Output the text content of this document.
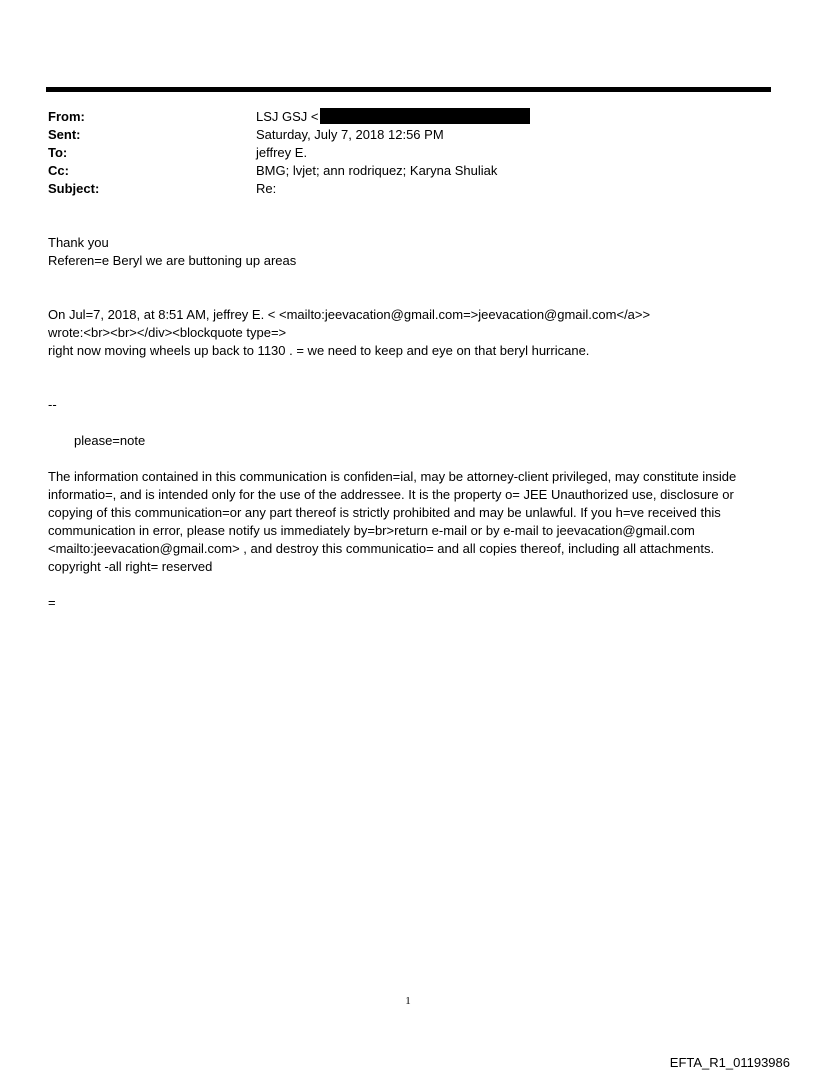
From:	LSJ GSJ <
Sent:	Saturday, July 7, 2018 12:56 PM
To:	jeffrey E.
Cc:	BMG; lvjet; ann rodriquez; Karyna Shuliak
Subject:	Re:
Thank you
Referen=e Beryl we are buttoning up areas
On Jul=7, 2018, at 8:51 AM, jeffrey E. < <mailto:jeevacation@gmail.com=>jeevacation@gmail.com</a>>
wrote:<br><br></div><blockquote type=>
right now moving wheels up back to 1130 . = we need to keep and eye on that beryl hurricane.
--
please=note
The information contained in this communication is confiden=ial, may be attorney-client privileged, may constitute inside informatio=, and is intended only for the use of the addressee. It is the property o= JEE Unauthorized use, disclosure or copying of this communication=or any part thereof is strictly prohibited and may be unlawful. If you h=ve received this communication in error, please notify us immediately by=br>return e-mail or by e-mail to jeevacation@gmail.com <mailto:jeevacation@gmail.com> , and destroy this communicatio= and all copies thereof, including all attachments. copyright -all right= reserved
=
1
EFTA_R1_01193986
